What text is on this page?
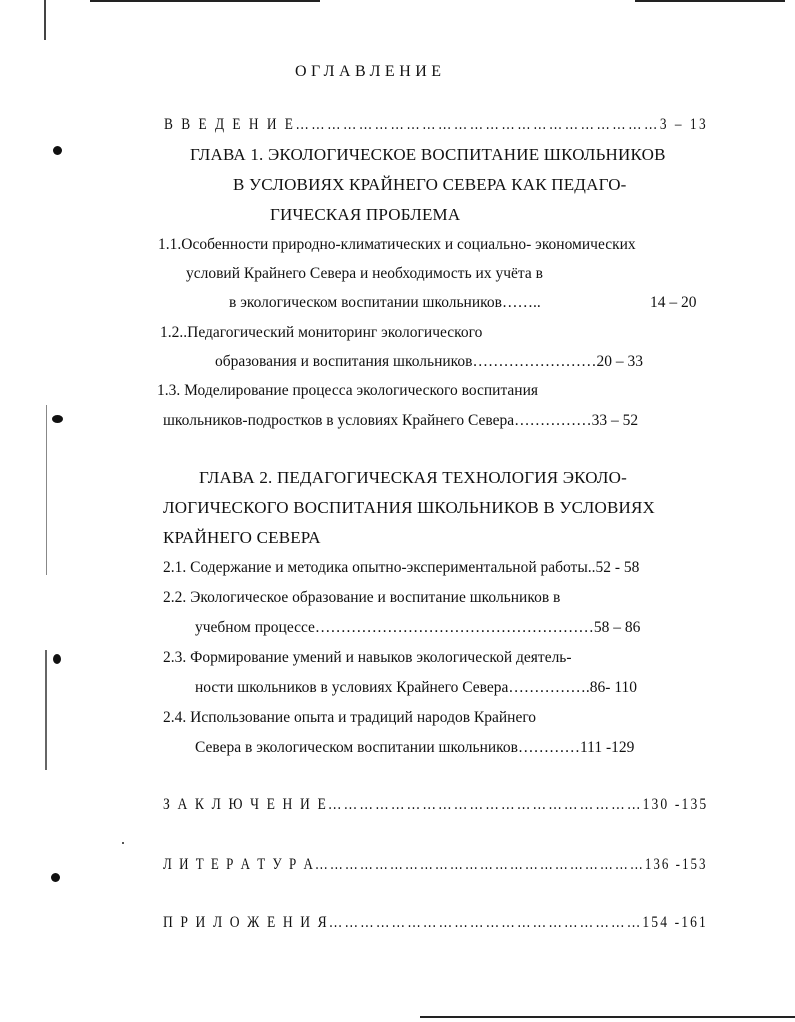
ОГЛАВЛЕНИЕ
В В Е Д Е Н И Е……………………………………………………………3 – 13
ГЛАВА 1. ЭКОЛОГИЧЕСКОЕ ВОСПИТАНИЕ ШКОЛЬНИКОВ
В УСЛОВИЯХ КРАЙНЕГО СЕВЕРА КАК ПЕДАГО-
ГИЧЕСКАЯ ПРОБЛЕМА
1.1.Особенности природно-климатических и социально- экономических
условий Крайнего Севера и необходимость их учёта в
в экологическом воспитании школьников……..	14 – 20
1.2..Педагогический мониторинг экологического
образования и воспитания школьников……………………20 – 33
1.3. Моделирование процесса экологического воспитания
школьников-подростков в условиях Крайнего Севера……………33 – 52
ГЛАВА 2. ПЕДАГОГИЧЕСКАЯ ТЕХНОЛОГИЯ ЭКОЛО-
ЛОГИЧЕСКОГО ВОСПИТАНИЯ ШКОЛЬНИКОВ В УСЛОВИЯХ
КРАЙНЕГО СЕВЕРА
2.1. Содержание и методика опытно-экспериментальной работы..52 - 58
2.2. Экологическое образование и воспитание школьников в
учебном процессе………………………………………………58 – 86
2.3. Формирование умений и навыков экологической деятель-
ности школьников в условиях Крайнего Севера…………….86- 110
2.4. Использование опыта и традиций народов Крайнего
Севера в экологическом воспитании школьников…………111 -129
З А К Л Ю Ч Е Н И Е……………………………………………………130 -135
Л И Т Е Р А Т У Р А…………………………………………………………136 -153
П Р И Л О Ж Е Н И Я……………………………………………………154 -161
